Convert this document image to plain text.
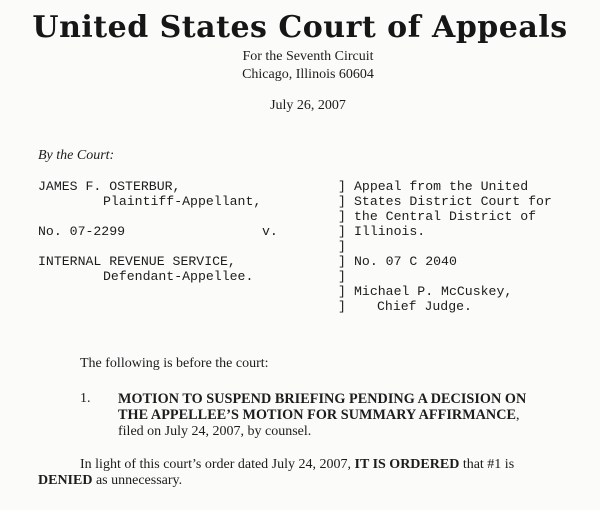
United States Court of Appeals
For the Seventh Circuit
Chicago, Illinois 60604
July 26, 2007
By the Court:
JAMES F. OSTERBUR,
Plaintiff-Appellant,
No. 07-2299	v.
INTERNAL REVENUE SERVICE,
Defendant-Appellee.
]
]
]
]
]
]
]
]
]
Appeal from the United
States District Court for
the Central District of
Illinois.
No. 07 C 2040
Michael P. McCuskey,
Chief Judge.
The following is before the court:
1. MOTION TO SUSPEND BRIEFING PENDING A DECISION ON
THE APPELLEE’S MOTION FOR SUMMARY AFFIRMANCE,
filed on July 24, 2007, by counsel.
In light of this court’s order dated July 24, 2007, IT IS ORDERED that #1 is
DENIED as unnecessary.
